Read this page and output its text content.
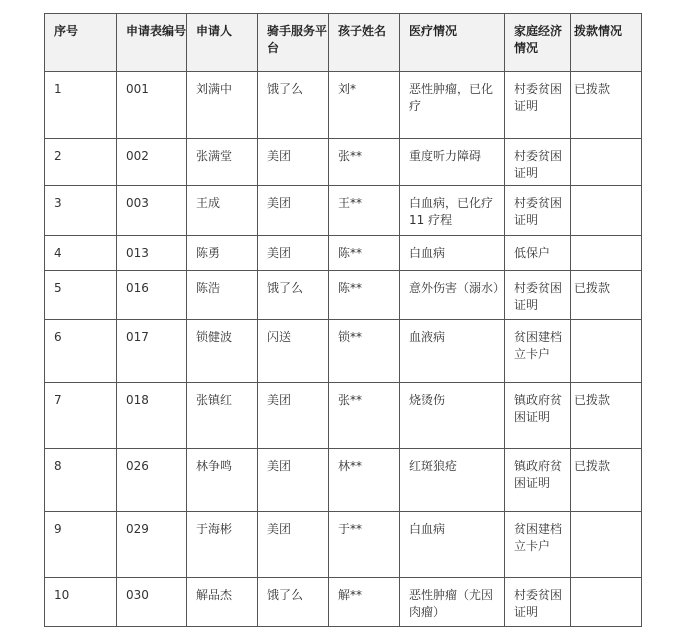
序号	申请表编号	申请人	骑手服务平台	孩子姓名	医疗情况	家庭经济情况	拨款情况
1	001	刘满中	饿了么	刘*	恶性肿瘤，已化疗	村委贫困证明	已拨款
2	002	张满堂	美团	张**	重度听力障碍	村委贫困证明	
3	003	王成	美团	王**	白血病，已化疗 11 疗程	村委贫困证明	
4	013	陈勇	美团	陈**	白血病	低保户	
5	016	陈浩	饿了么	陈**	意外伤害（溺水）	村委贫困证明	已拨款
6	017	锁健波	闪送	锁**	血液病	贫困建档立卡户	
7	018	张镇红	美团	张**	烧烫伤	镇政府贫困证明	已拨款
8	026	林争鸣	美团	林**	红斑狼疮	镇政府贫困证明	已拨款
9	029	于海彬	美团	于**	白血病	贫困建档立卡户	
10	030	解品杰	饿了么	解**	恶性肿瘤（尤因肉瘤）	村委贫困证明	
